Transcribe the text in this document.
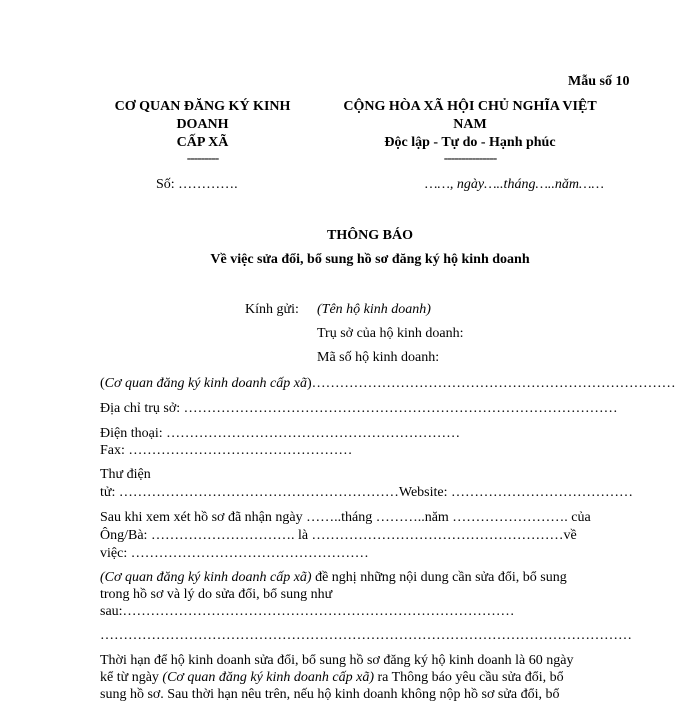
Mẫu số 10
CƠ QUAN ĐĂNG KÝ KINH
DOANH
CẤP XÃ
---------
Số: ………….
CỘNG HÒA XÃ HỘI CHỦ NGHĨA VIỆT
NAM
Độc lập - Tự do - Hạnh phúc
---------------
……, ngày…..tháng…..năm……
THÔNG BÁO
Về việc sửa đổi, bổ sung hồ sơ đăng ký hộ kinh doanh
Kính gửi: (Tên hộ kinh doanh)
Trụ sở của hộ kinh doanh:
Mã số hộ kinh doanh:
(Cơ quan đăng ký kinh doanh cấp xã)……………………………………………………………………
Địa chỉ trụ sở: …………………………………………………………………………………
Điện thoại: ………………………………………………………
Fax: …………………………………………
Thư điện
tử: ……………………………………………………Website: …………………………………
Sau khi xem xét hồ sơ đã nhận ngày ……..tháng ………..năm ……………………. của
Ông/Bà: …………………………. là ………………………………………………về
việc: ……………………………………………
(Cơ quan đăng ký kinh doanh cấp xã) đề nghị những nội dung cần sửa đổi, bổ sung
trong hồ sơ và lý do sửa đổi, bổ sung như
sau:…………………………………………………………………………
……………………………………………………………………………………………………
Thời hạn để hộ kinh doanh sửa đổi, bổ sung hồ sơ đăng ký hộ kinh doanh là 60 ngày
kể từ ngày (Cơ quan đăng ký kinh doanh cấp xã) ra Thông báo yêu cầu sửa đổi, bổ
sung hồ sơ. Sau thời hạn nêu trên, nếu hộ kinh doanh không nộp hồ sơ sửa đổi, bổ
